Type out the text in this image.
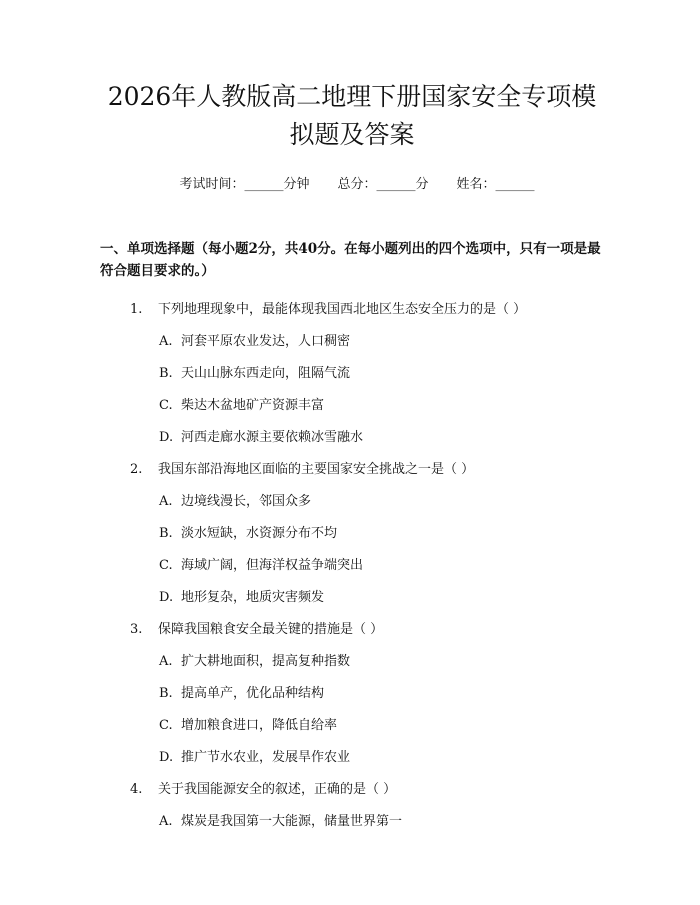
2026年人教版高二地理下册国家安全专项模拟题及答案
考试时间： ______ 分钟 总分： ______ 分 姓名： ______
一、单项选择题（每小题2分，共40分。在每小题列出的四个选项中，只有一项是最符合题目要求的。）
1.	下列地理现象中，最能体现我国西北地区生态安全压力的是（ ）
A. 河套平原农业发达，人口稠密
B. 天山山脉东西走向，阻隔气流
C. 柴达木盆地矿产资源丰富
D. 河西走廊水源主要依赖冰雪融水
2.	我国东部沿海地区面临的主要国家安全挑战之一是（ ）
A. 边境线漫长，邻国众多
B. 淡水短缺，水资源分布不均
C. 海域广阔，但海洋权益争端突出
D. 地形复杂，地质灾害频发
3.	保障我国粮食安全最关键的措施是（ ）
A. 扩大耕地面积，提高复种指数
B. 提高单产，优化品种结构
C. 增加粮食进口，降低自给率
D. 推广节水农业，发展旱作农业
4.	关于我国能源安全的叙述，正确的是（ ）
A. 煤炭是我国第一大能源，储量世界第一
